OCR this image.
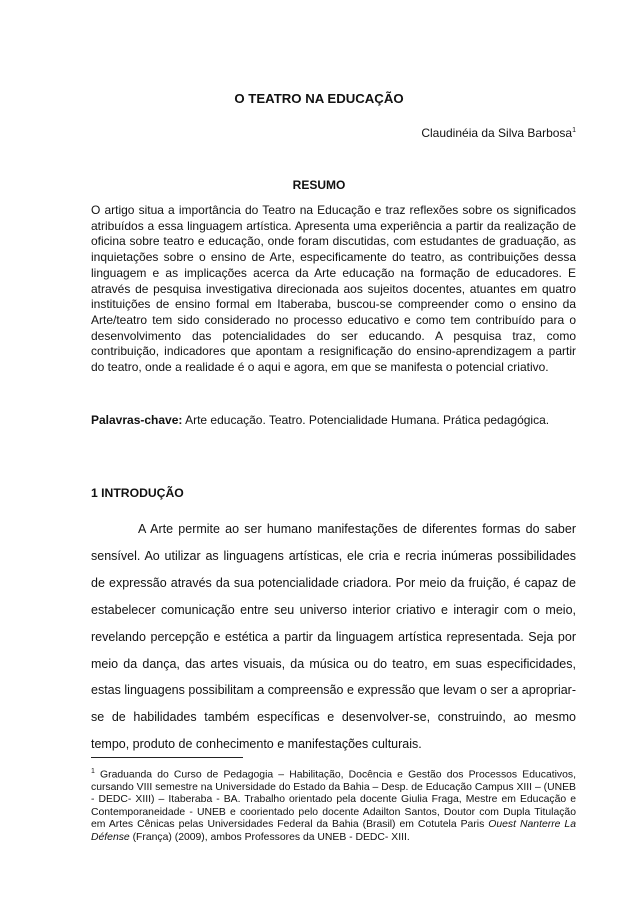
O TEATRO NA EDUCAÇÃO
Claudinéia da Silva Barbosa$^1$
RESUMO

O artigo situa a importância do Teatro na Educação e traz reflexões sobre os significados atribuídos a essa linguagem artística. Apresenta uma experiência a partir da realização de oficina sobre teatro e educação, onde foram discutidas, com estudantes de graduação, as inquietações sobre o ensino de Arte, especificamente do teatro, as contribuições dessa linguagem e as implicações acerca da Arte educação na formação de educadores. E através de pesquisa investigativa direcionada aos sujeitos docentes, atuantes em quatro instituições de ensino formal em Itaberaba, buscou-se compreender como o ensino da Arte/teatro tem sido considerado no processo educativo e como tem contribuído para o desenvolvimento das potencialidades do ser educando. A pesquisa traz, como contribuição, indicadores que apontam a resignificação do ensino-aprendizagem a partir do teatro, onde a realidade é o aqui e agora, em que se manifesta o potencial criativo.

Palavras-chave: Arte educação. Teatro. Potencialidade Humana. Prática pedagógica.

1 INTRODUÇÃO

A Arte permite ao ser humano manifestações de diferentes formas do saber sensível. Ao utilizar as linguagens artísticas, ele cria e recria inúmeras possibilidades de expressão através da sua potencialidade criadora. Por meio da fruição, é capaz de estabelecer comunicação entre seu universo interior criativo e interagir com o meio, revelando percepção e estética a partir da linguagem artística representada. Seja por meio da dança, das artes visuais, da música ou do teatro, em suas especificidades, estas linguagens possibilitam a compreensão e expressão que levam o ser a apropriar-se de habilidades também específicas e desenvolver-se, construindo, ao mesmo tempo, produto de conhecimento e manifestações culturais.

$^1$ Graduanda do Curso de Pedagogia – Habilitação, Docência e Gestão dos Processos Educativos, cursando VIII semestre na Universidade do Estado da Bahia – Desp. de Educação Campus XIII – (UNEB - DEDC- XIII) – Itaberaba - BA. Trabalho orientado pela docente Giulia Fraga, Mestre em Educação e Contemporaneidade - UNEB e coorientado pelo docente Adailton Santos, Doutor com Dupla Titulação em Artes Cênicas pelas Universidades Federal da Bahia (Brasil) em Cotutela Paris Ouest Nanterre La Défense (França) (2009), ambos Professores da UNEB - DEDC- XIII.
